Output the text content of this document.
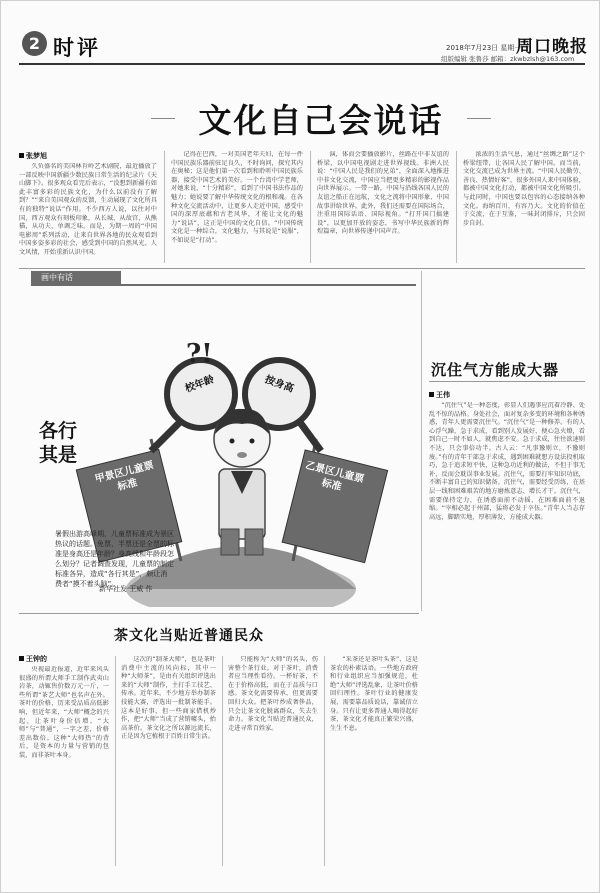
2 时评	2018年7月23日 星期一
周口晚报
组版编辑 张鲁莎 邮箱：zkwbzlsh@163.com
文化自己会说话
张梦旭

久负盛名的美国林肯岭艺术剧院，最近播放了一部反映中国新疆少数民族日常生活的纪录片《天山脚下》。很多观众看完后表示，“没想到新疆有如此丰富多彩的民族文化，为什么以前没有了解到？”“来自美国观众的反馈，生动展现了文化所具有的独特“说话”作用。不少西方人说，以往对中国，西方观众有刻板印象，从长城，从故宫，从熊猫，从功夫，单调乏味。而是，为期一周的“中国电影周”系列活动，让来自世界各地的民众观看到中国多姿多彩的社会，感受到中国的自然风光、人文风情，开始重新认识中国。

记得在巴西，一对美国老年夫妇，在每一件中国民族乐器前驻足良久，不时询问，探究其内在奥秘；这是他们第一次看到和聆听中国民族乐器，接受中国艺术的美好。一个台湾中学老师，对她来说，“十分精彩”，看到了中国书法作品的魅力；她说要了解中华传统文化的根和魂。在各种文化交流活动中，让更多人走近中国，感受中国的深厚底蕴和古老风华，才能让文化的魅力“说话”，这正是中国的文化自信。“中国传统文化是一种综合，文化魅力，与其说是“说服”，不如说是“打动”。

演，体而会要播放影片，丝路在中非友谊的桥梁，以中国电视剧走进世界视线。非洲人民说：“中国人民是我们的兄弟”，全面深入地推进中非文化交流，中国应当把更多精彩的影视作品向世界展示。一带一路，中国与沿线各国人民的友谊之船正在远航，文化之流将中国形象、中国故事讲给世界。此外，我们还需要在国际场合，注重用国际话语、国际视角。“打开国门搞建设”，以更加开放的姿态，书写中华民族新的辉煌篇章，向世界传递中国声音。

浓浓的生活气息，通过“丝绸之路”这个桥梁纽带，让各国人民了解中国。而当前，文化交流已成为世界主流。“中国人民勤劳、善良、热情好客”，很多外国人来中国体验，都被中国文化打动，都被中国文化所吸引。与此同时，中国也要以包容的心态接纳各种文化。海纳百川，有容乃大。文化的价值在于交流，在于互鉴，一味封闭排斥，只会固步自封。

画中有话
?!
校年龄	按身高
甲景区儿童票标准
乙景区儿童票标准
各行其是
暑假出游高峰期，儿童票标准成为景区热议的话题。免票、半票还是全票的标准是身高还是年龄？身高线和年龄段怎么划分？记者调查发现，儿童票的制定标准各异，造成“各行其是”，颇让消费者“摸不着头脑”。
新华社发 王威 作
沉住气方能成大器
王伟

“沉住气”是一种态度，彰显人们遇事应沉着冷静、处乱不惊的品格。身处社会，面对复杂多变的环境和各种诱惑，青年人更需要沉住气。“沉住气”是一种修养。有的人心浮气躁，急于求成，看到别人发展好，便心急火燎，看到自己一时不如人，就焦虑不安。急于求成，往往欲速则不达，只会事倍功半。古人云：“凡事豫则立，不豫则废。”有的青年干部急于求成，遇到困难就想方设法投机取巧，急于追求短平快，这种急功近利的做法，不但于事无补，反而会耽误事业发展。沉住气，需要打牢知识功底，不断丰富自己的知识储备。沉住气，需要经受历练，在基层一线和困难艰苦的地方磨炼意志、增长才干。沉住气，需要保持定力，在诱惑面前不动摇、在困难面前不退缩。“宰相必起于州部，猛将必发于卒伍。”青年人当志存高远，脚踏实地，厚积薄发，方能成大器。

茶文化当贴近普通民众
王钟的

央视最近报道，近年来风头很盛的所谓大师手工制作武夷山岩茶，动辄售价数万元一斤，一些所谓“茶艺大师”也名声在外。茶叶的价格，历来受品质高低影响，但近年来，“大师”概念的兴起，让茶叶身价倍增。“大师”与“普通”，一字之差，价格差出数倍。这种“大师热”的背后，是资本的力量与营销的包装，而非茶叶本身。

这次的“制茶大师”，也是茶叶消费中主流的风向标，其中一种“大师茶”，是由有关组织评选出来的“大师”制作，主打手工技艺、传承。近年来，不少地方举办制茶技能大赛，评选出一批制茶能手。这本是好事，但一些商家借机炒作，把“大师”当成了营销噱头，抬高茶价。茶文化之所以源远流长，正是因为它植根于百姓日常生活。

只能称为“大师”的名头，伤害整个茶行业。对于茶叶，消费者应当理性看待。一杯好茶，不在于价格高低，而在于品质与口感。茶文化需要传承，但更需要回归大众。把茶叶炒成奢侈品，只会让茶文化脱离群众，失去生命力。茶文化当贴近普通民众，走进寻常百姓家。

“采茶还是茶叶头茶”，这是茶农的朴素话语。一些地方政府和行业组织应当加强规范，杜绝“大师”评选乱象，让茶叶价格回归理性。茶叶行业的健康发展，需要靠品质说话，靠诚信立身。只有让更多普通人喝得起好茶，茶文化才能真正繁荣兴盛，生生不息。
